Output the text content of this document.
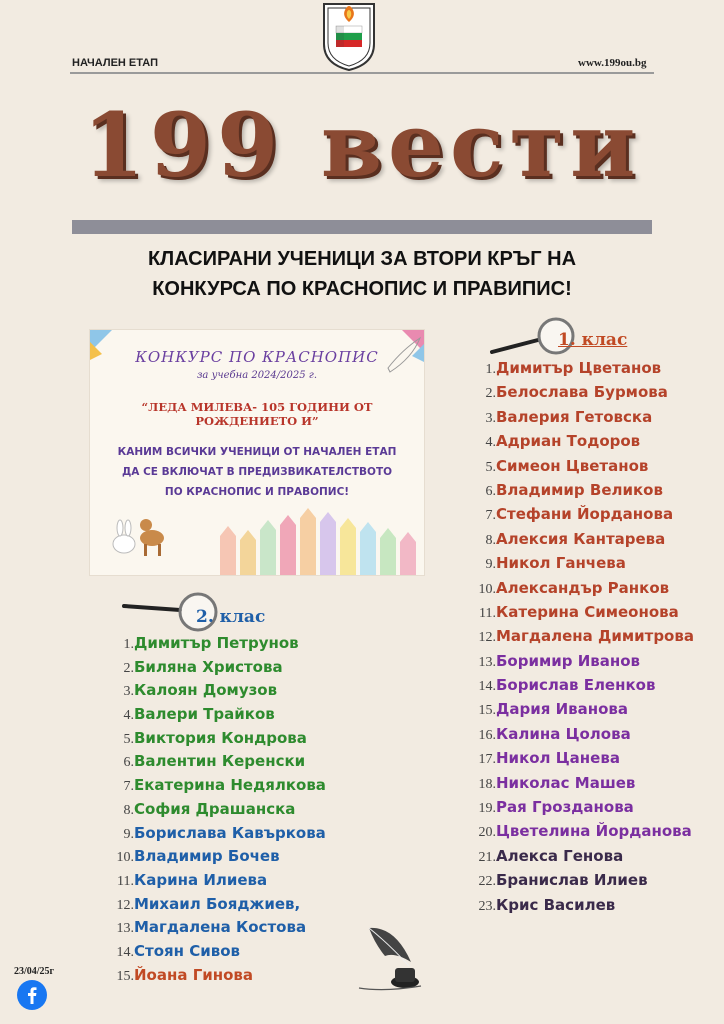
НАЧАЛЕН ЕТАП	www.199ou.bg
199 вести
КЛАСИРАНИ УЧЕНИЦИ ЗА ВТОРИ КРЪГ НА
КОНКУРСА ПО КРАСНОПИС И ПРАВИПИС!
КОНКУРС ПО КРАСНОПИС
за учебна 2024/2025 г.
“ЛЕДА МИЛЕВА- 105 ГОДИНИ ОТ РОЖДЕНИЕТО И”
КАНИМ ВСИЧКИ УЧЕНИЦИ ОТ НАЧАЛЕН ЕТАП ДА СЕ ВКЛЮЧАТ В ПРЕДИЗВИКАТЕЛСТВОТО ПО КРАСНОПИС И ПРАВОПИС!
1. клас
1.Димитър Цветанов
2.Белослава Бурмова
3.Валерия Гетовска
4.Адриан Тодоров
5.Симеон Цветанов
6.Владимир Великов
7.Стефани Йорданова
8.Алексия Кантарева
9.Никол Ганчева
10.Александър Ранков
11.Катерина Симеонова
12.Магдалена Димитрова
13.Боримир Иванов
14.Борислав Еленков
15.Дария Иванова
16.Калина Цолова
17.Никол Цанева
18.Николас Машев
19.Рая Грозданова
20.Цветелина Йорданова
21.Алекса Генова
22.Бранислав Илиев
23.Крис Василев
2. клас
1.Димитър Петрунов
2.Биляна Христова
3.Калоян Домузов
4.Валери Трайков
5.Виктория Кондрова
6.Валентин Керенски
7.Екатерина Недялкова
8.София Драшанска
9.Борислава Кавъркова
10.Владимир Бочев
11.Карина Илиева
12.Михаил Бояджиев,
13.Магдалена Костова
14.Стоян Сивов
15.Йоана Гинова
23/04/25г
